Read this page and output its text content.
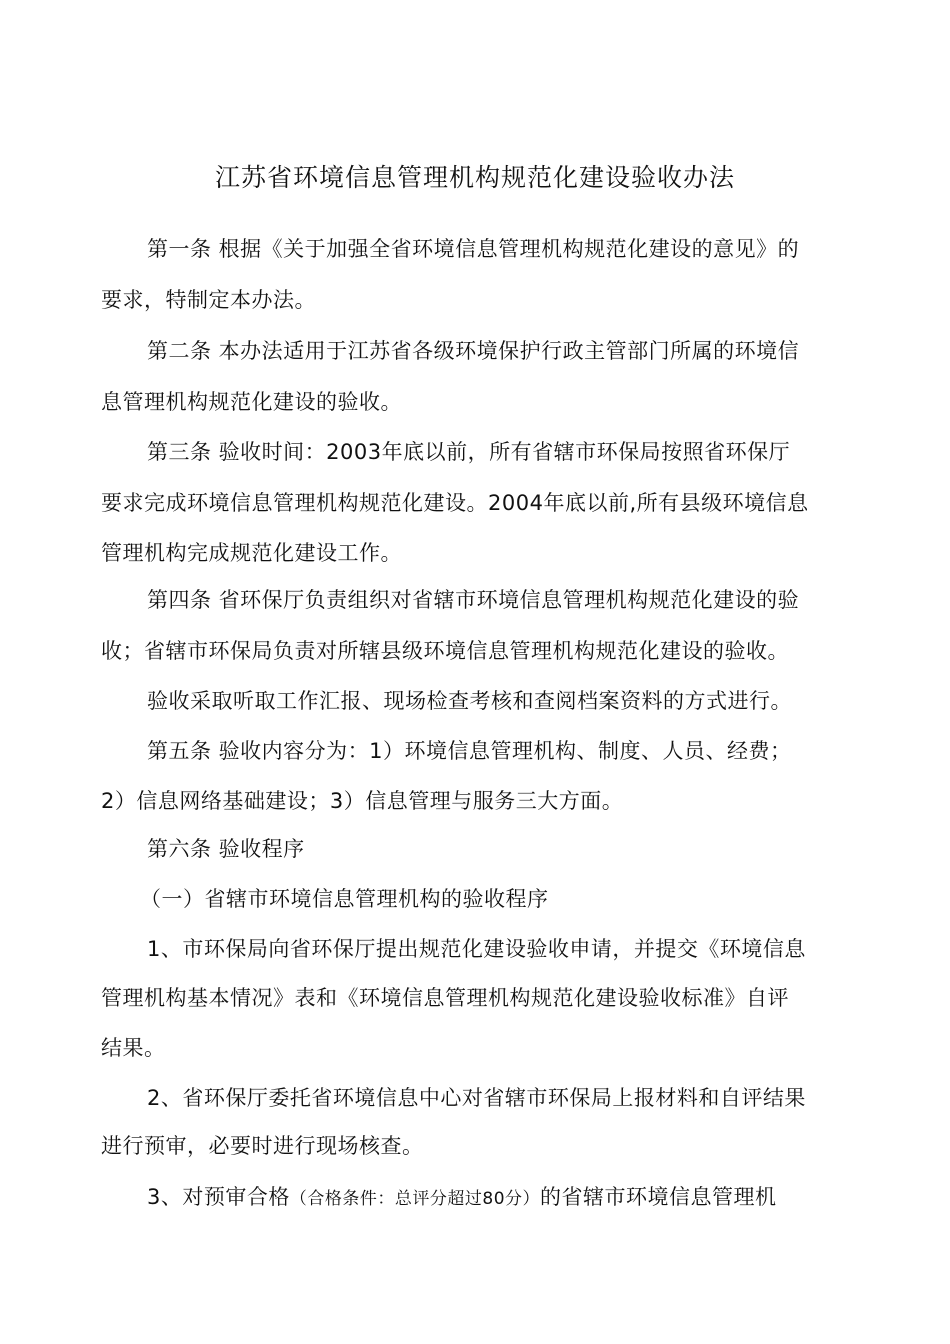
江苏省环境信息管理机构规范化建设验收办法
第一条 根据《关于加强全省环境信息管理机构规范化建设的意见》的
要求，特制定本办法。
第二条 本办法适用于江苏省各级环境保护行政主管部门所属的环境信
息管理机构规范化建设的验收。
第三条 验收时间：2003年底以前，所有省辖市环保局按照省环保厅
要求完成环境信息管理机构规范化建设。2004年底以前,所有县级环境信息
管理机构完成规范化建设工作。
第四条 省环保厅负责组织对省辖市环境信息管理机构规范化建设的验
收；省辖市环保局负责对所辖县级环境信息管理机构规范化建设的验收。
验收采取听取工作汇报、现场检查考核和查阅档案资料的方式进行。
第五条 验收内容分为：1）环境信息管理机构、制度、人员、经费；
2）信息网络基础建设；3）信息管理与服务三大方面。
第六条 验收程序
（一）省辖市环境信息管理机构的验收程序
1、市环保局向省环保厅提出规范化建设验收申请，并提交《环境信息
管理机构基本情况》表和《环境信息管理机构规范化建设验收标准》自评
结果。
2、省环保厅委托省环境信息中心对省辖市环保局上报材料和自评结果
进行预审，必要时进行现场核查。
3、对预审合格（合格条件：总评分超过80分）的省辖市环境信息管理机
